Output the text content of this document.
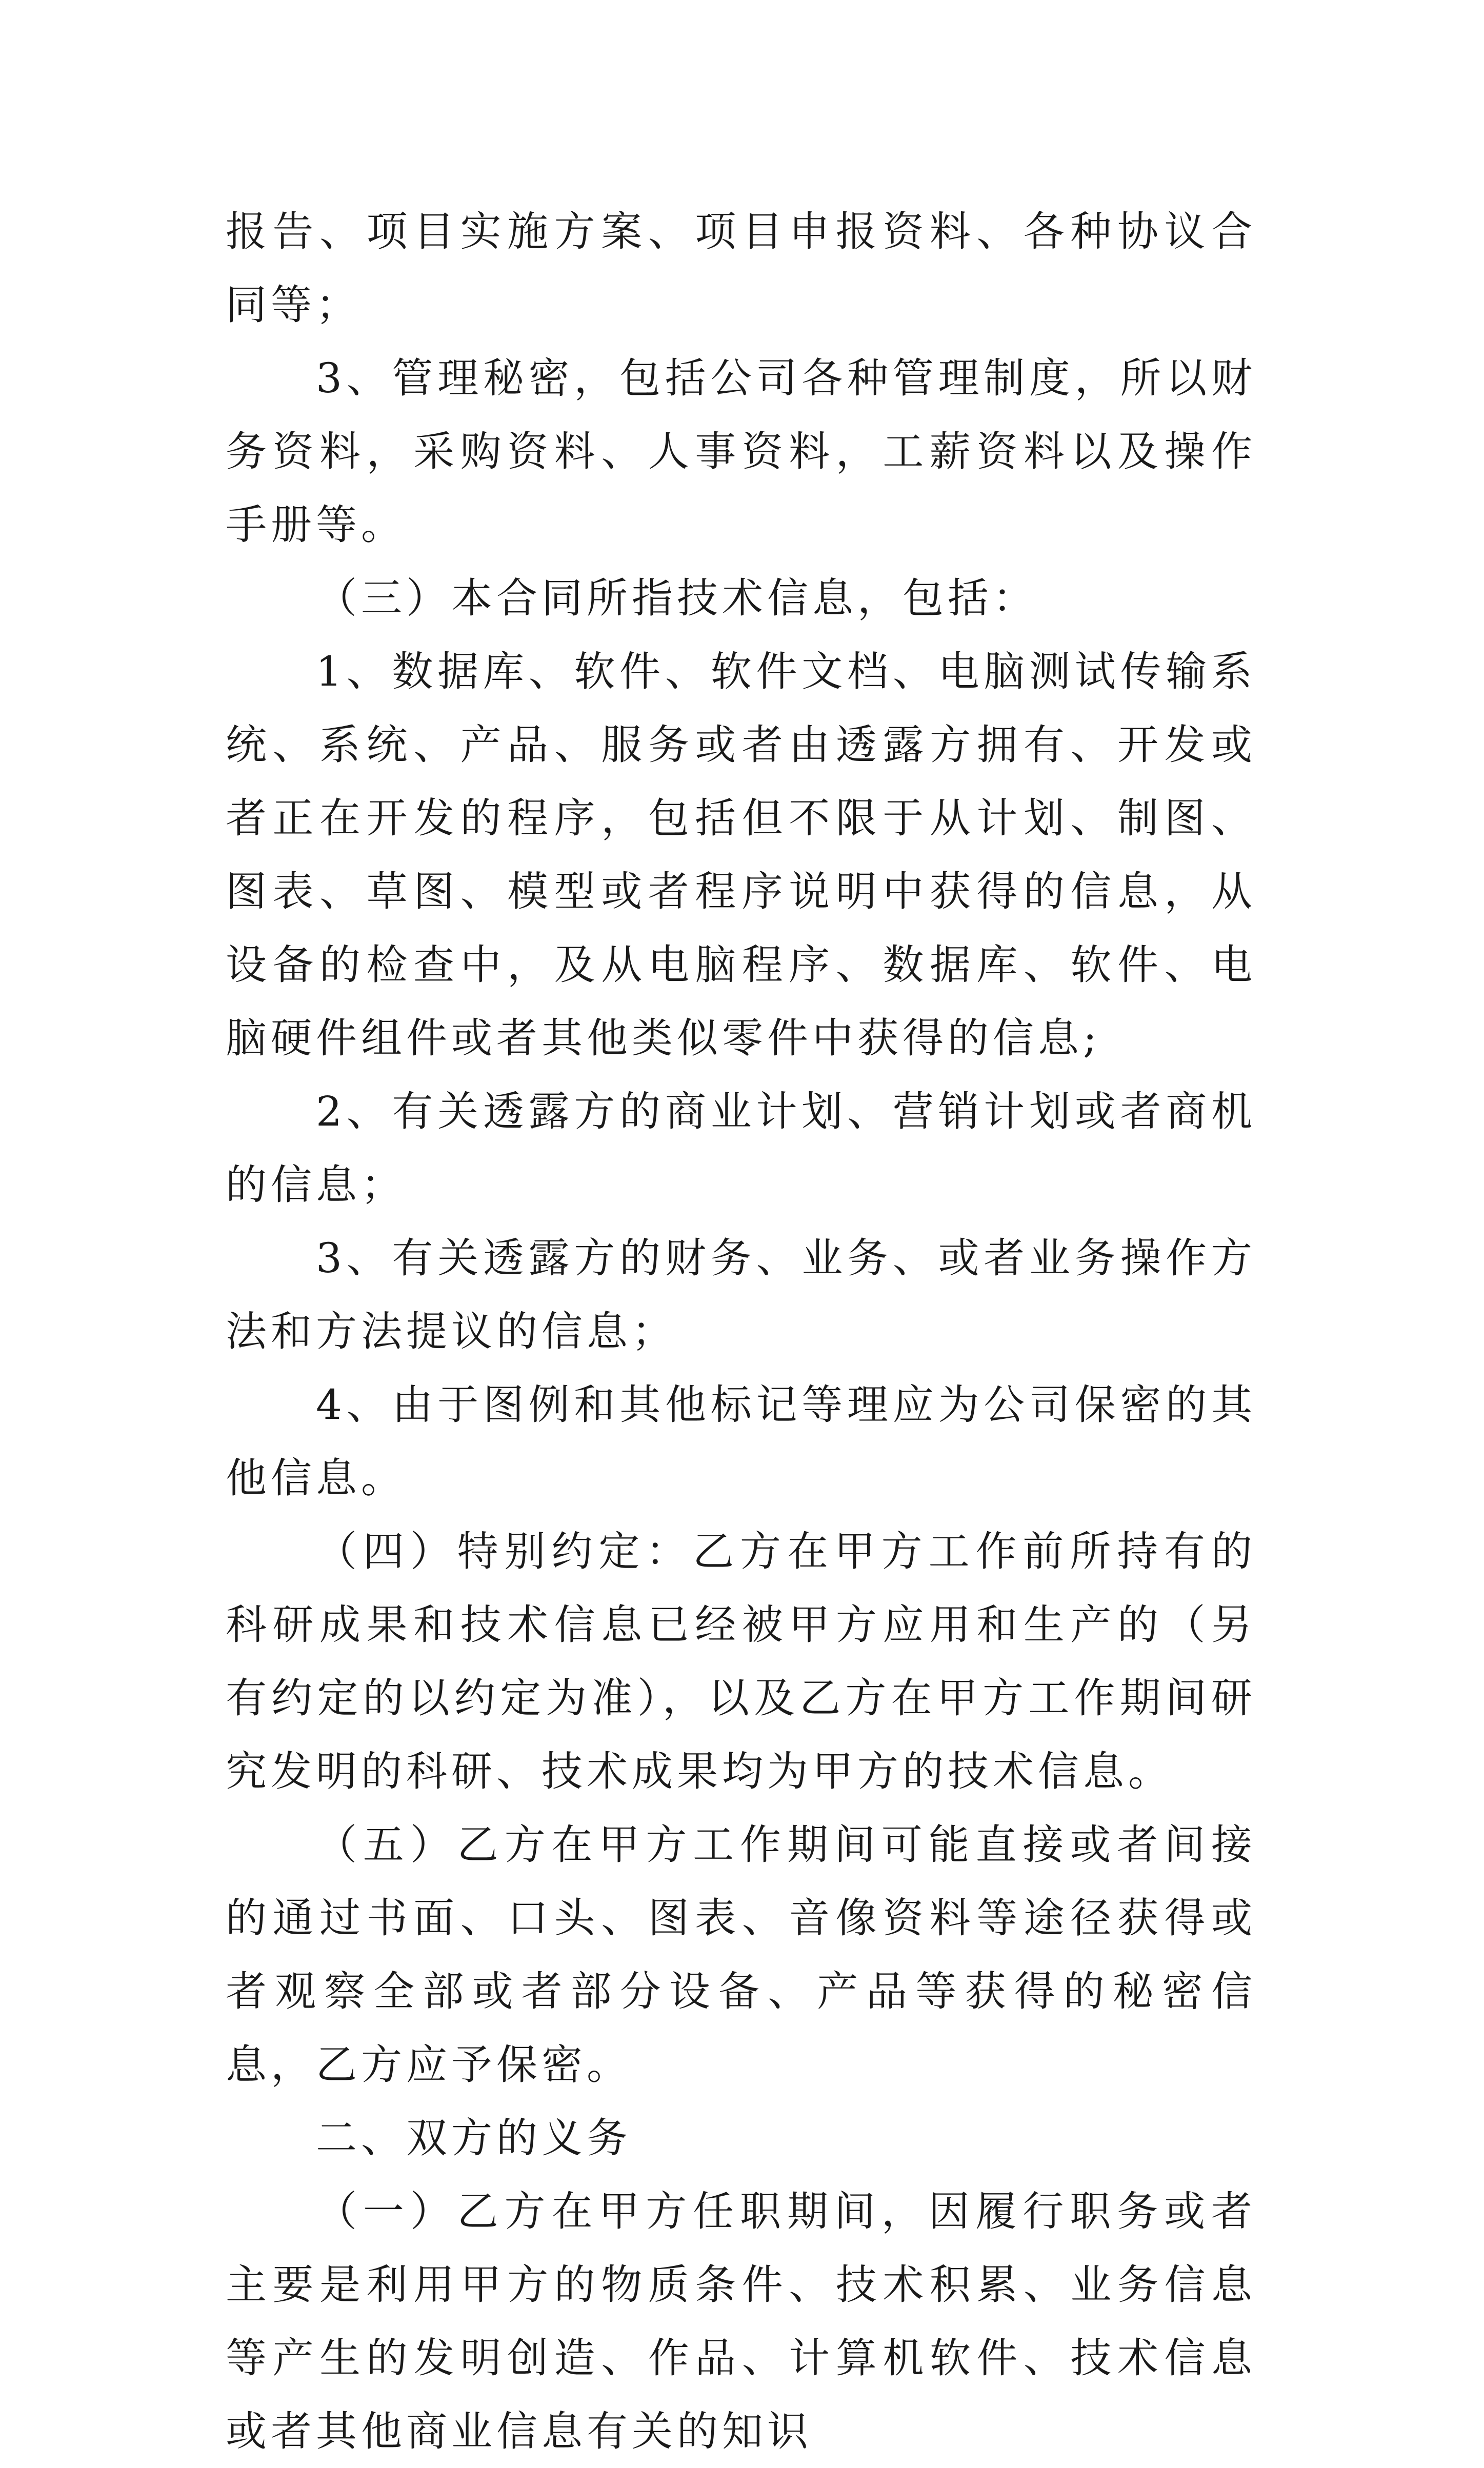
报告、项目实施方案、项目申报资料、各种协议合同等；

3、管理秘密，包括公司各种管理制度，所以财务资料，采购资料、人事资料，工薪资料以及操作手册等。

（三）本合同所指技术信息，包括：

1、数据库、软件、软件文档、电脑测试传输系统、系统、产品、服务或者由透露方拥有、开发或者正在开发的程序，包括但不限于从计划、制图、图表、草图、模型或者程序说明中获得的信息，从设备的检查中，及从电脑程序、数据库、软件、电脑硬件组件或者其他类似零件中获得的信息;

2、有关透露方的商业计划、营销计划或者商机的信息；

3、有关透露方的财务、业务、或者业务操作方法和方法提议的信息；

4、由于图例和其他标记等理应为公司保密的其他信息。

（四）特别约定：乙方在甲方工作前所持有的科研成果和技术信息已经被甲方应用和生产的（另有约定的以约定为准），以及乙方在甲方工作期间研究发明的科研、技术成果均为甲方的技术信息。

（五）乙方在甲方工作期间可能直接或者间接的通过书面、口头、图表、音像资料等途径获得或者观察全部或者部分设备、产品等获得的秘密信息，乙方应予保密。

二、双方的义务

（一）乙方在甲方任职期间，因履行职务或者主要是利用甲方的物质条件、技术积累、业务信息等产生的发明创造、作品、计算机软件、技术信息或者其他商业信息有关的知识
